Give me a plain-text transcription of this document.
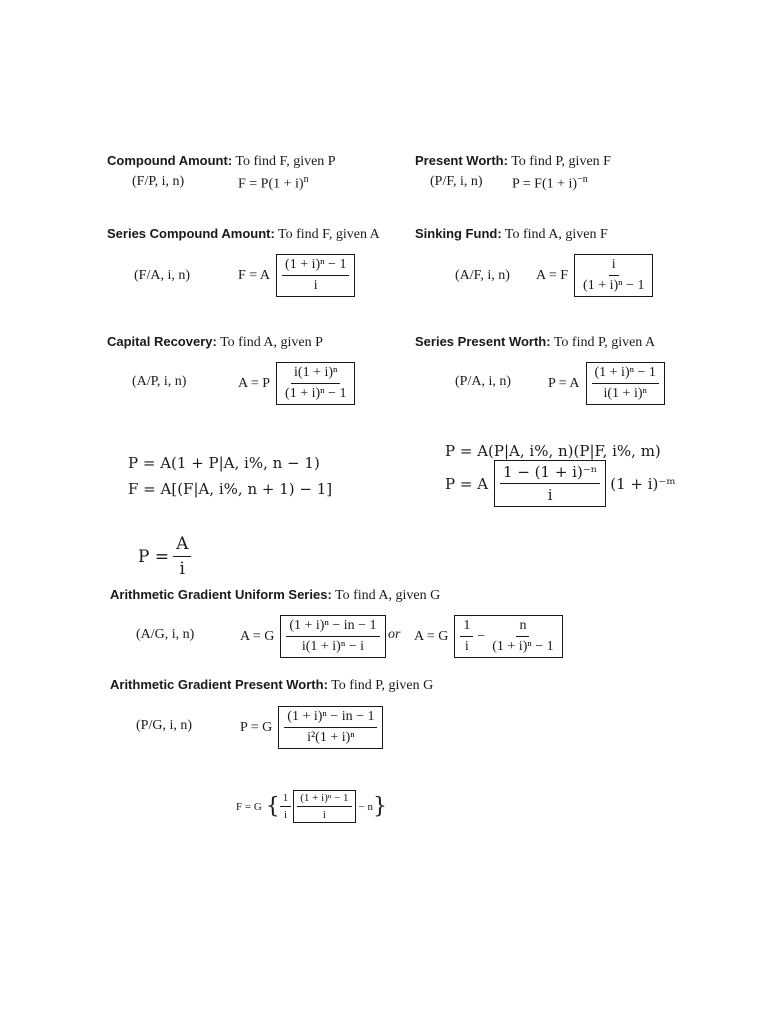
Compound Amount: To find F, given P
(F/P, i, n)	$F = P(1 + i)^n$
Present Worth: To find P, given F
(P/F, i, n) $P = F(1 + i)^{-n}$
Series Compound Amount: To find F, given A
(F/A, i, n)	F = A $\frac{\text{(1 + i)ⁿ − 1}}{i}$
Sinking Fund: To find A, given F
(A/F, i, n) A = F $\frac{i}{\text{(1 + i)ⁿ − 1}}$
Capital Recovery: To find A, given P
(A/P, i, n)	A = P $\frac{\text{i(1 + i)ⁿ}}{\text{(1 + i)ⁿ − 1}}$
Series Present Worth: To find P, given A
(P/A, i, n)	P = A $\frac{\text{(1 + i)ⁿ − 1}}{\text{i(1 + i)ⁿ}}$
P = A(1 + P|A, i%, n − 1)
F = A[(F|A, i%, n + 1) − 1]
P = A(P|A, i%, n)(P|F, i%, m)
P = A $\frac{\text{1 − (1 + i)⁻ⁿ}}{i} (1$ + i)⁻ᵐ
$P = \frac{A}{i}$
Arithmetic Gradient Uniform Series: To find A, given G
(A/G, i, n)	A = G $\frac{\text{(1 + i)ⁿ − in − 1}}{\text{i(1 + i)ⁿ − i}}$ or A = G $\frac{1}{i} - \frac{n}{\text{(1 + i)ⁿ − 1}}$
Arithmetic Gradient Present Worth: To find P, given G
(P/G, i, n)	P = G $\frac{\text{(1 + i)ⁿ − in − 1}}{\text{i²(1 + i)ⁿ}}$
F = G { $\frac{1}{i} \frac{\text{(1 + i)ⁿ − 1}}{i} - n$ }
